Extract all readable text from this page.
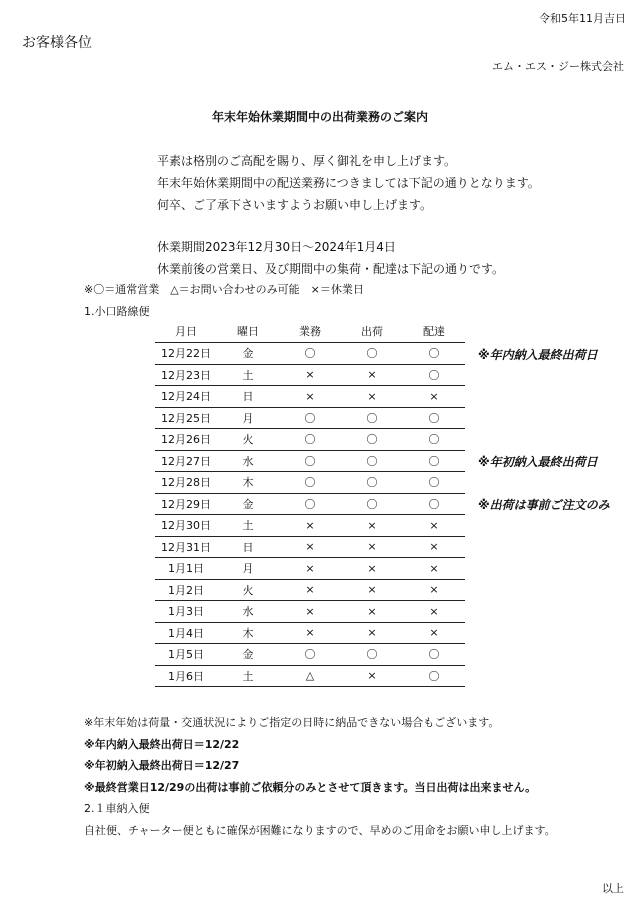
令和5年11月吉日
お客様各位
エム・エス・ジー株式会社
年末年始休業期間中の出荷業務のご案内
平素は格別のご高配を賜り、厚く御礼を申し上げます。
年末年始休業期間中の配送業務につきましては下記の通りとなります。
何卒、ご了承下さいますようお願い申し上げます。
休業期間2023年12月30日～2024年1月4日
休業前後の営業日、及び期間中の集荷・配達は下記の通りです。
※〇＝通常営業　△＝お問い合わせのみ可能　×＝休業日
1.小口路線便
月日	曜日	業務	出荷	配達
12月22日	金	〇	〇	〇
12月23日	土	×	×	〇
12月24日	日	×	×	×
12月25日	月	〇	〇	〇
12月26日	火	〇	〇	〇
12月27日	水	〇	〇	〇
12月28日	木	〇	〇	〇
12月29日	金	〇	〇	〇
12月30日	土	×	×	×
12月31日	日	×	×	×
1月1日	月	×	×	×
1月2日	火	×	×	×
1月3日	水	×	×	×
1月4日	木	×	×	×
1月5日	金	〇	〇	〇
1月6日	土	△	×	〇
※年内納入最終出荷日
※年初納入最終出荷日
※出荷は事前ご注文のみ
※年末年始は荷量・交通状況によりご指定の日時に納品できない場合もございます。
※年内納入最終出荷日＝12/22
※年初納入最終出荷日＝12/27
※最終営業日12/29の出荷は事前ご依頼分のみとさせて頂きます。当日出荷は出来ません。
2.１車納入便
自社便、チャーター便ともに確保が困難になりますので、早めのご用命をお願い申し上げます。
以上
